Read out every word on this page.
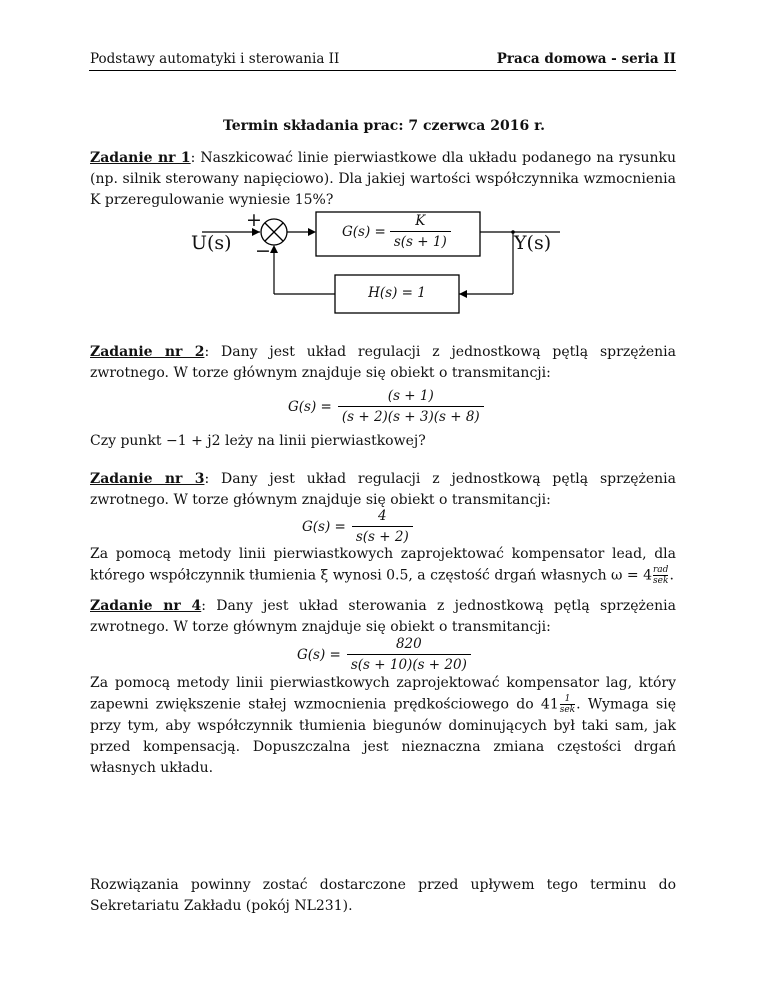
Podstawy automatyki i sterowania II	Praca domowa - seria II
Termin składania prac: 7 czerwca 2016 r.
Zadanie nr 1: Naszkicować linie pierwiastkowe dla układu podanego na rysunku (np. silnik sterowany napięciowo). Dla jakiej wartości współczynnika wzmocnienia K przeregulowanie wyniesie 15%?
U(s)	Y(s)
+
−
$G(s) = \frac{K}{s(s + 1)}$
H(s) = 1
Zadanie nr 2: Dany jest układ regulacji z jednostkową pętlą sprzężenia zwrotnego. W torze głównym znajduje się obiekt o transmitancji:
$G(s) = \frac{(s + 1)}{(s + 2)(s + 3)(s + 8)}$
Czy punkt −1 + j2 leży na linii pierwiastkowej?
Zadanie nr 3: Dany jest układ regulacji z jednostkową pętlą sprzężenia zwrotnego. W torze głównym znajduje się obiekt o transmitancji:
$G(s) = \frac{4}{s(s + 2)}$
Za pomocą metody linii pierwiastkowych zaprojektować kompensator lead, dla którego współczynnik tłumienia ξ wynosi 0.5, a częstość drgań własnych $\omega = 4 \frac{\text{rad}}{\text{sek}}$ .
Zadanie nr 4: Dany jest układ sterowania z jednostkową pętlą sprzężenia zwrotnego. W torze głównym znajduje się obiekt o transmitancji:
$G(s) = \frac{820}{s(s + 10)(s + 20)}$
Za pomocą metody linii pierwiastkowych zaprojektować kompensator lag, który zapewni zwiększenie stałej wzmocnienia prędkościowego do $41 \frac{1}{\text{sek}}$ . Wymaga się przy tym, aby współczynnik tłumienia biegunów dominujących był taki sam, jak przed kompensacją. Dopuszczalna jest nieznaczna zmiana częstości drgań własnych układu.
Rozwiązania powinny zostać dostarczone przed upływem tego terminu do Sekretariatu Zakładu (pokój NL231).
